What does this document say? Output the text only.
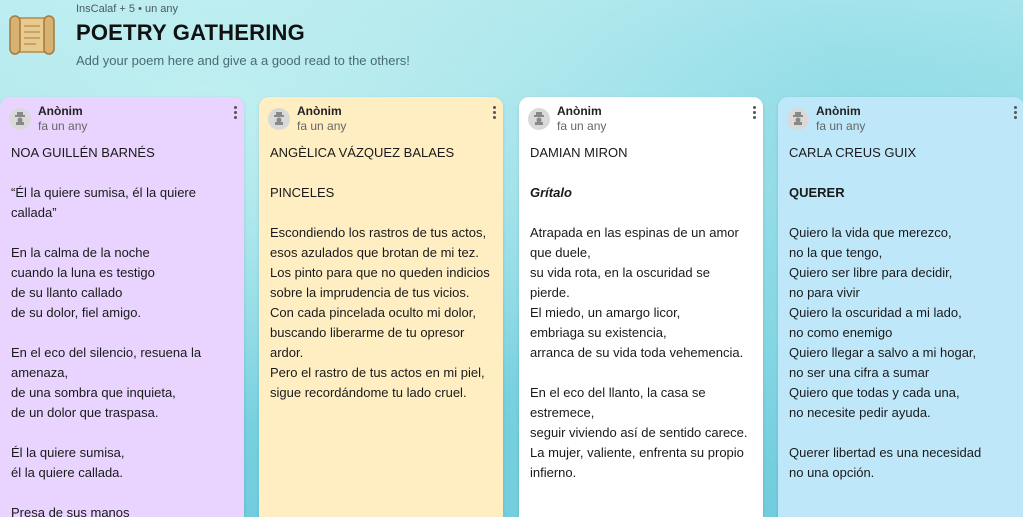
InsCalaf + 5 • un any
POETRY GATHERING
Add your poem here and give a a good read to the others!
Anònim
fa un any
NOA GUILLÉN BARNÉS

“Él la quiere sumisa, él la quiere callada”

En la calma de la noche
cuando la luna es testigo
de su llanto callado
de su dolor, fiel amigo.

En el eco del silencio, resuena la amenaza,
de una sombra que inquieta,
de un dolor que traspasa.

Él la quiere sumisa,
él la quiere callada.

Presa de sus manos

Anònim
fa un any
ANGÈLICA VÁZQUEZ BALAES
PINCELES

Escondiendo los rastros de tus actos,
esos azulados que brotan de mi tez.
Los pinto para que no queden indicios
sobre la imprudencia de tus vicios.
Con cada pincelada oculto mi dolor,
buscando liberarme de tu opresor ardor.
Pero el rastro de tus actos en mi piel,
sigue recordándome tu lado cruel.

Anònim
fa un any
DAMIAN MIRON
Grítalo

Atrapada en las espinas de un amor que duele,
su vida rota, en la oscuridad se pierde.
El miedo, un amargo licor,
embriaga su existencia,
arranca de su vida toda vehemencia.

En el eco del llanto, la casa se estremece,
seguir viviendo así de sentido carece.
La mujer, valiente, enfrenta su propio infierno.

Anònim
fa un any
CARLA CREUS GUIX
QUERER

Quiero la vida que merezco,
no la que tengo,
Quiero ser libre para decidir,
no para vivir
Quiero la oscuridad a mi lado,
no como enemigo
Quiero llegar a salvo a mi hogar,
no ser una cifra a sumar
Quiero que todas y cada una,
no necesite pedir ayuda.

Querer libertad es una necesidad
no una opción.
